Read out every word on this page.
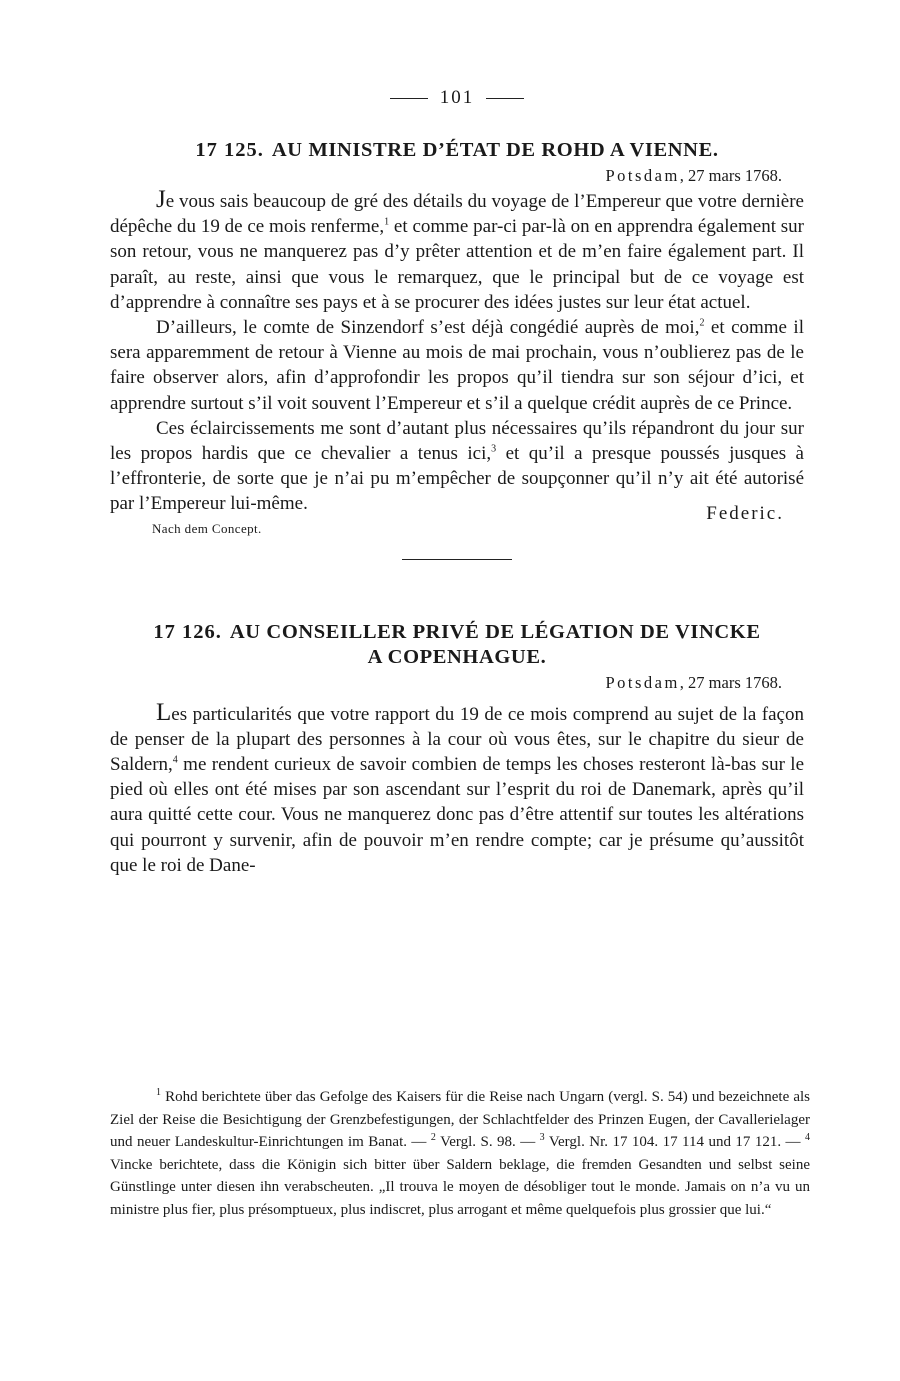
101
17 125. AU MINISTRE D’ÉTAT DE ROHD A VIENNE.
Potsdam, 27 mars 1768.

Je vous sais beaucoup de gré des détails du voyage de l’Empereur que votre dernière dépêche du 19 de ce mois renferme,$^1$ et comme par-ci par-là on en apprendra également sur son retour, vous ne manquerez pas d’y prêter attention et de m’en faire également part. Il paraît, au reste, ainsi que vous le remarquez, que le principal but de ce voyage est d’apprendre à connaître ses pays et à se procurer des idées justes sur leur état actuel.

D’ailleurs, le comte de Sinzendorf s’est déjà congédié auprès de moi,$^2$ et comme il sera apparemment de retour à Vienne au mois de mai prochain, vous n’oublierez pas de le faire observer alors, afin d’approfondir les propos qu’il tiendra sur son séjour d’ici, et apprendre surtout s’il voit souvent l’Empereur et s’il a quelque crédit auprès de ce Prince.

Ces éclaircissements me sont d’autant plus nécessaires qu’ils répandront du jour sur les propos hardis que ce chevalier a tenus ici,$^3$ et qu’il a presque poussés jusques à l’effronterie, de sorte que je n’ai pu m’empêcher de soupçonner qu’il n’y ait été autorisé par l’Empereur lui-même.	Federic.
Nach dem Concept.
17 126. AU CONSEILLER PRIVÉ DE LÉGATION DE VINCKE
A COPENHAGUE.
Potsdam, 27 mars 1768.

Les particularités que votre rapport du 19 de ce mois comprend au sujet de la façon de penser de la plupart des personnes à la cour où vous êtes, sur le chapitre du sieur de Saldern,$^4$ me rendent curieux de savoir combien de temps les choses resteront là-bas sur le pied où elles ont été mises par son ascendant sur l’esprit du roi de Danemark, après qu’il aura quitté cette cour. Vous ne manquerez donc pas d’être attentif sur toutes les altérations qui pourront y survenir, afin de pouvoir m’en rendre compte; car je présume qu’aussitôt que le roi de Dane-

$^1$ Rohd berichtete über das Gefolge des Kaisers für die Reise nach Ungarn (vergl. S. 54) und bezeichnete als Ziel der Reise die Besichtigung der Grenzbefestigungen, der Schlachtfelder des Prinzen Eugen, der Cavallerielager und neuer Landeskultur-Einrichtungen im Banat. — $^2$ Vergl. S. 98. — $^3$ Vergl. Nr. 17 104. 17 114 und 17 121. — $^4$ Vincke berichtete, dass die Königin sich bitter über Saldern beklage, die fremden Gesandten und selbst seine Günstlinge unter diesen ihn verabscheuten. „Il trouva le moyen de désobliger tout le monde. Jamais on n’a vu un ministre plus fier, plus présomptueux, plus indiscret, plus arrogant et même quelquefois plus grossier que lui.“
